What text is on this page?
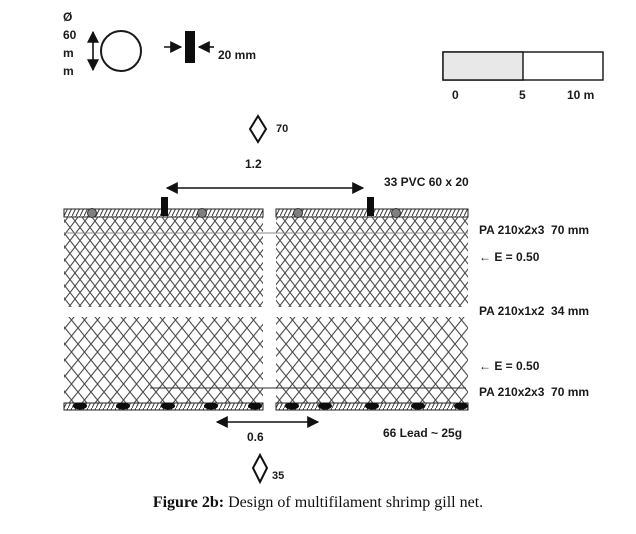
Ø
60
m
m
20 mm
0	5	10 m
70
1.2
33 PVC 60 x 20
PA 210x2x3  70 mm
← E = 0.50
PA 210x1x2  34 mm
← E = 0.50
PA 210x2x3  70 mm
0.6	66 Lead ~ 25g
35
Figure 2b: Design of multifilament shrimp gill net.
